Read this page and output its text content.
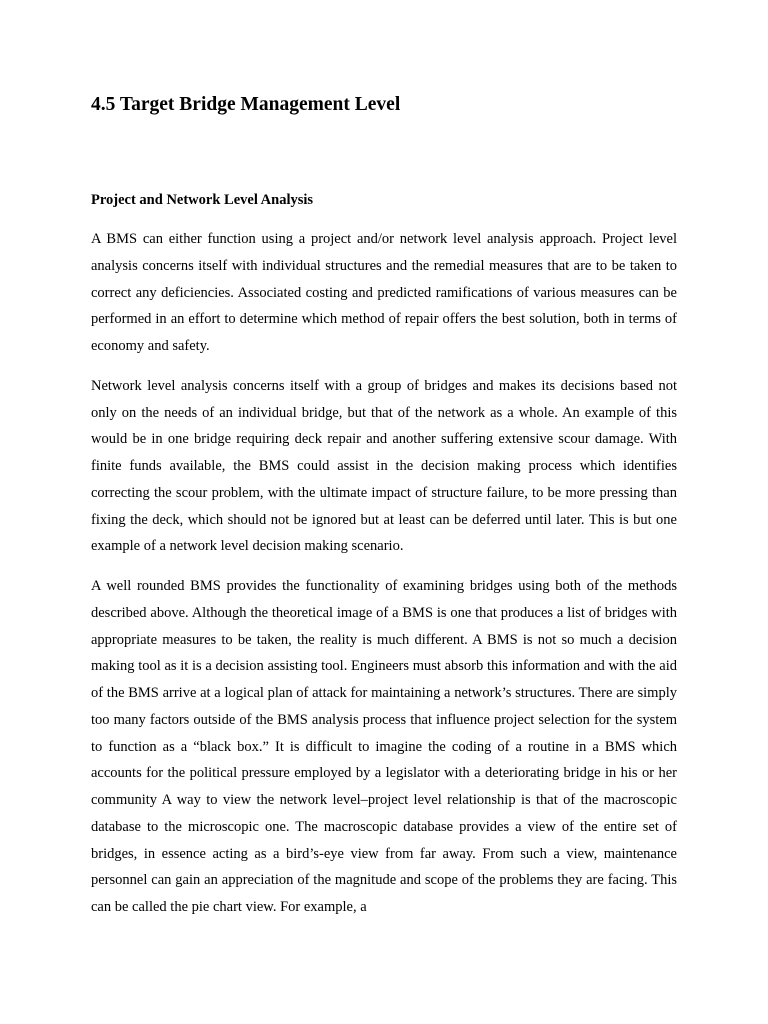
4.5 Target Bridge Management Level
Project and Network Level Analysis

A BMS can either function using a project and/or network level analysis approach. Project level analysis concerns itself with individual structures and the remedial measures that are to be taken to correct any deficiencies. Associated costing and predicted ramifications of various measures can be performed in an effort to determine which method of repair offers the best solution, both in terms of economy and safety.

Network level analysis concerns itself with a group of bridges and makes its decisions based not only on the needs of an individual bridge, but that of the network as a whole. An example of this would be in one bridge requiring deck repair and another suffering extensive scour damage. With finite funds available, the BMS could assist in the decision making process which identifies correcting the scour problem, with the ultimate impact of structure failure, to be more pressing than fixing the deck, which should not be ignored but at least can be deferred until later. This is but one example of a network level decision making scenario.

A well rounded BMS provides the functionality of examining bridges using both of the methods described above. Although the theoretical image of a BMS is one that produces a list of bridges with appropriate measures to be taken, the reality is much different. A BMS is not so much a decision making tool as it is a decision assisting tool. Engineers must absorb this information and with the aid of the BMS arrive at a logical plan of attack for maintaining a network’s structures. There are simply too many factors outside of the BMS analysis process that influence project selection for the system to function as a “black box.” It is difficult to imagine the coding of a routine in a BMS which accounts for the political pressure employed by a legislator with a deteriorating bridge in his or her community A way to view the network level–project level relationship is that of the macroscopic database to the microscopic one. The macroscopic database provides a view of the entire set of bridges, in essence acting as a bird’s-eye view from far away. From such a view, maintenance personnel can gain an appreciation of the magnitude and scope of the problems they are facing. This can be called the pie chart view. For example, a
